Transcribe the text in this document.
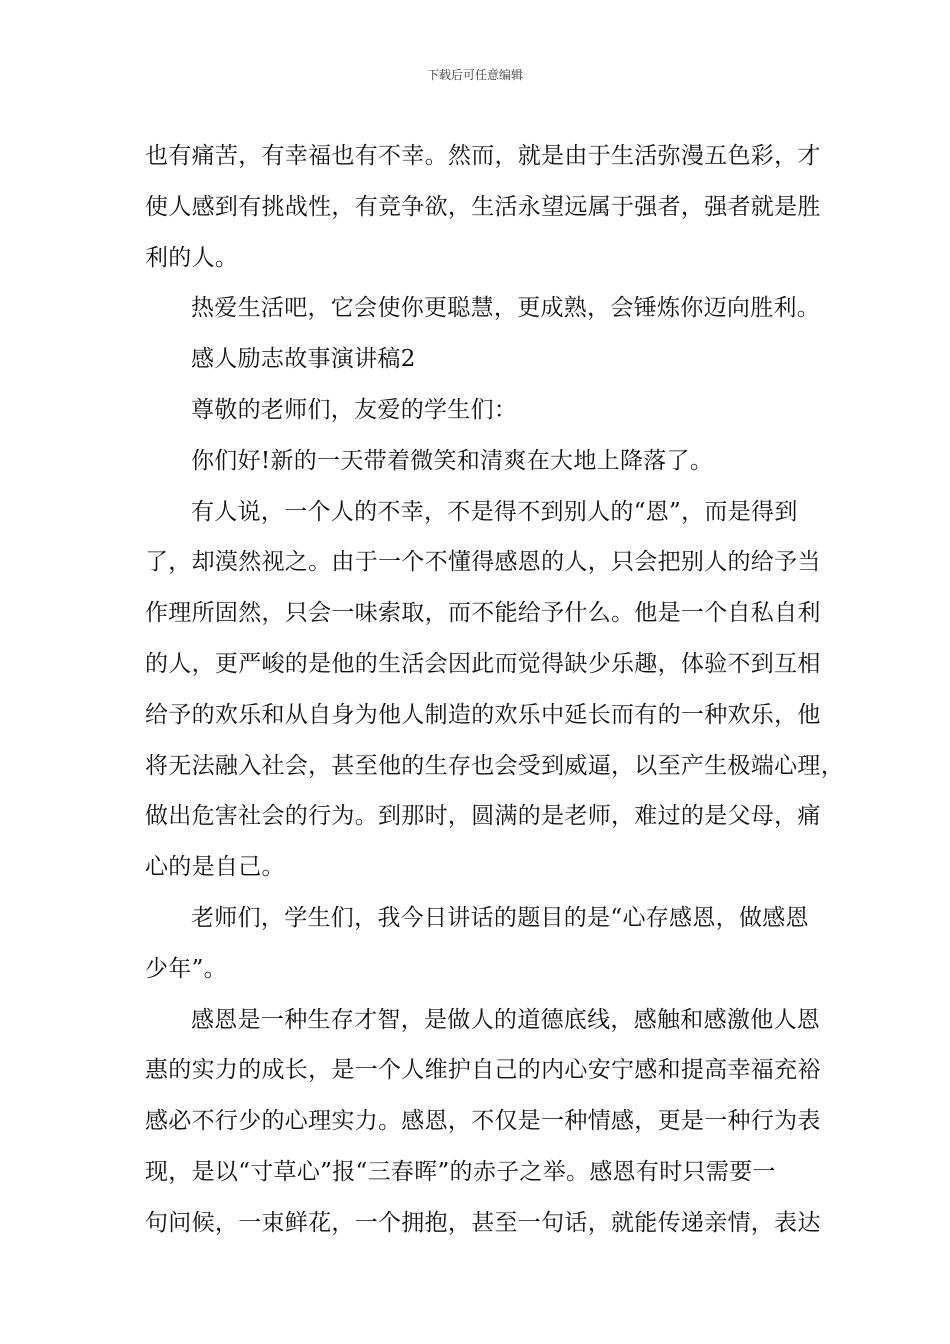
下载后可任意编辑
也有痛苦，有幸福也有不幸。然而，就是由于生活弥漫五色彩，才
使人感到有挑战性，有竞争欲，生活永望远属于强者，强者就是胜
利的人。
热爱生活吧，它会使你更聪慧，更成熟，会锤炼你迈向胜利。
感人励志故事演讲稿2
尊敬的老师们，友爱的学生们：
你们好!新的一天带着微笑和清爽在大地上降落了。
有人说，一个人的不幸，不是得不到别人的“恩”，而是得到
了，却漠然视之。由于一个不懂得感恩的人，只会把别人的给予当
作理所固然，只会一味索取，而不能给予什么。他是一个自私自利
的人，更严峻的是他的生活会因此而觉得缺少乐趣，体验不到互相
给予的欢乐和从自身为他人制造的欢乐中延长而有的一种欢乐，他
将无法融入社会，甚至他的生存也会受到威逼，以至产生极端心理，
做出危害社会的行为。到那时，圆满的是老师，难过的是父母，痛
心的是自己。
老师们，学生们，我今日讲话的题目的是“心存感恩，做感恩
少年”。
感恩是一种生存才智，是做人的道德底线，感触和感激他人恩
惠的实力的成长，是一个人维护自己的内心安宁感和提高幸福充裕
感必不行少的心理实力。感恩，不仅是一种情感，更是一种行为表
现，是以“寸草心”报“三春晖”的赤子之举。感恩有时只需要一
句问候，一束鲜花，一个拥抱，甚至一句话，就能传递亲情，表达
